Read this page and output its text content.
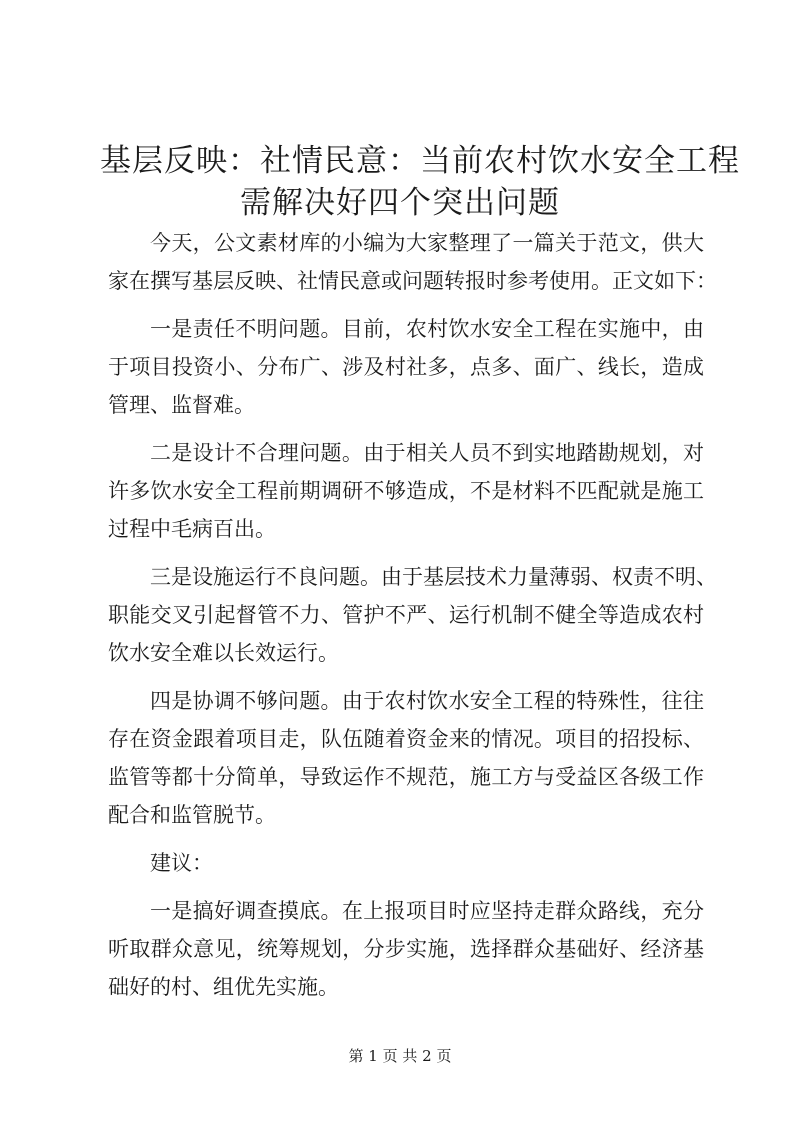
基层反映：社情民意：当前农村饮水安全工程
需解决好四个突出问题

今天，公文素材库的小编为大家整理了一篇关于范文，供大
家在撰写基层反映、社情民意或问题转报时参考使用。正文如下：

一是责任不明问题。目前，农村饮水安全工程在实施中，由
于项目投资小、分布广、涉及村社多，点多、面广、线长，造成
管理、监督难。

二是设计不合理问题。由于相关人员不到实地踏勘规划，对
许多饮水安全工程前期调研不够造成，不是材料不匹配就是施工
过程中毛病百出。

三是设施运行不良问题。由于基层技术力量薄弱、权责不明、
职能交叉引起督管不力、管护不严、运行机制不健全等造成农村
饮水安全难以长效运行。

四是协调不够问题。由于农村饮水安全工程的特殊性，往往
存在资金跟着项目走，队伍随着资金来的情况。项目的招投标、
监管等都十分简单，导致运作不规范，施工方与受益区各级工作
配合和监管脱节。

建议：

一是搞好调查摸底。在上报项目时应坚持走群众路线，充分
听取群众意见，统筹规划，分步实施，选择群众基础好、经济基
础好的村、组优先实施。

第 1 页 共 2 页
